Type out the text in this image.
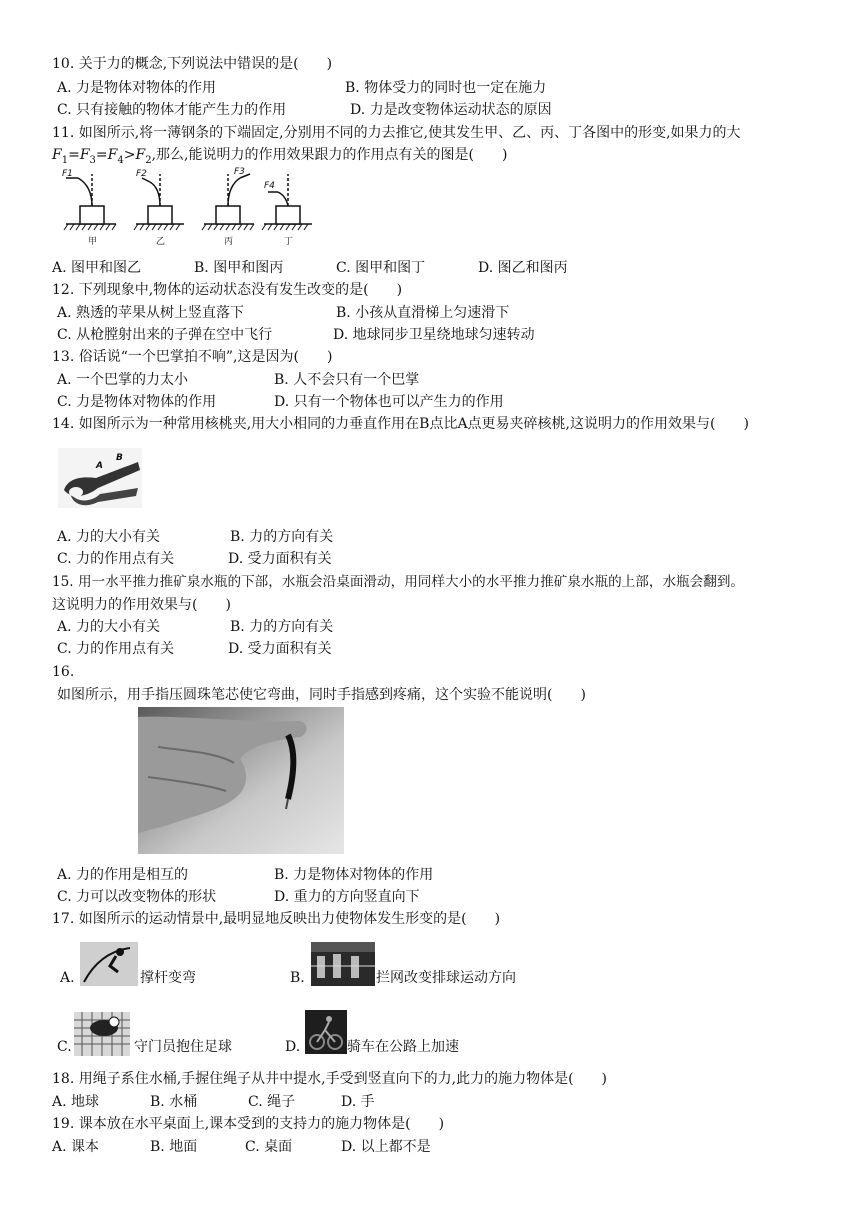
10. 关于力的概念,下列说法中错误的是(　　)
A. 力是物体对物体的作用	B. 物体受力的同时也一定在施力
C. 只有接触的物体才能产生力的作用	D. 力是改变物体运动状态的原因
11. 如图所示,将一薄钢条的下端固定,分别用不同的力去推它,使其发生甲、乙、丙、丁各图中的形变,如果力的大
$F_1=F_3=F_4>F_2$,那么,能说明力的作用效果跟力的作用点有关的图是(　　)
F1	F2	F3
F4
甲	乙	丙	丁
A. 图甲和图乙	B. 图甲和图丙	C. 图甲和图丁	D. 图乙和图丙
12. 下列现象中,物体的运动状态没有发生改变的是(　　)
A. 熟透的苹果从树上竖直落下	B. 小孩从直滑梯上匀速滑下
C. 从枪膛射出来的子弹在空中飞行	D. 地球同步卫星绕地球匀速转动
13. 俗话说“一个巴掌拍不响”,这是因为(　　)
A. 一个巴掌的力太小	B. 人不会只有一个巴掌
C. 力是物体对物体的作用	D. 只有一个物体也可以产生力的作用
14. 如图所示为一种常用核桃夹,用大小相同的力垂直作用在B点比A点更易夹碎核桃,这说明力的作用效果与(　　)
A
B
A. 力的大小有关	B. 力的方向有关
C. 力的作用点有关	D. 受力面积有关
15. 用一水平推力推矿泉水瓶的下部，水瓶会沿桌面滑动，用同样大小的水平推力推矿泉水瓶的上部，水瓶会翻到。
这说明力的作用效果与(　　)
A. 力的大小有关	B. 力的方向有关
C. 力的作用点有关	D. 受力面积有关
16.
如图所示，用手指压圆珠笔芯使它弯曲，同时手指感到疼痛，这个实验不能说明(　　)
A. 力的作用是相互的	B. 力是物体对物体的作用
C. 力可以改变物体的形状	D. 重力的方向竖直向下
17. 如图所示的运动情景中,最明显地反映出力使物体发生形变的是(　　)
A.	撑杆变弯	B.	拦网改变排球运动方向
C.	守门员抱住足球	D.	骑车在公路上加速
18. 用绳子系住水桶,手握住绳子从井中提水,手受到竖直向下的力,此力的施力物体是(　　)
A. 地球	B. 水桶	C. 绳子	D. 手
19. 课本放在水平桌面上,课本受到的支持力的施力物体是(　　)
A. 课本	B. 地面	C. 桌面	D. 以上都不是
